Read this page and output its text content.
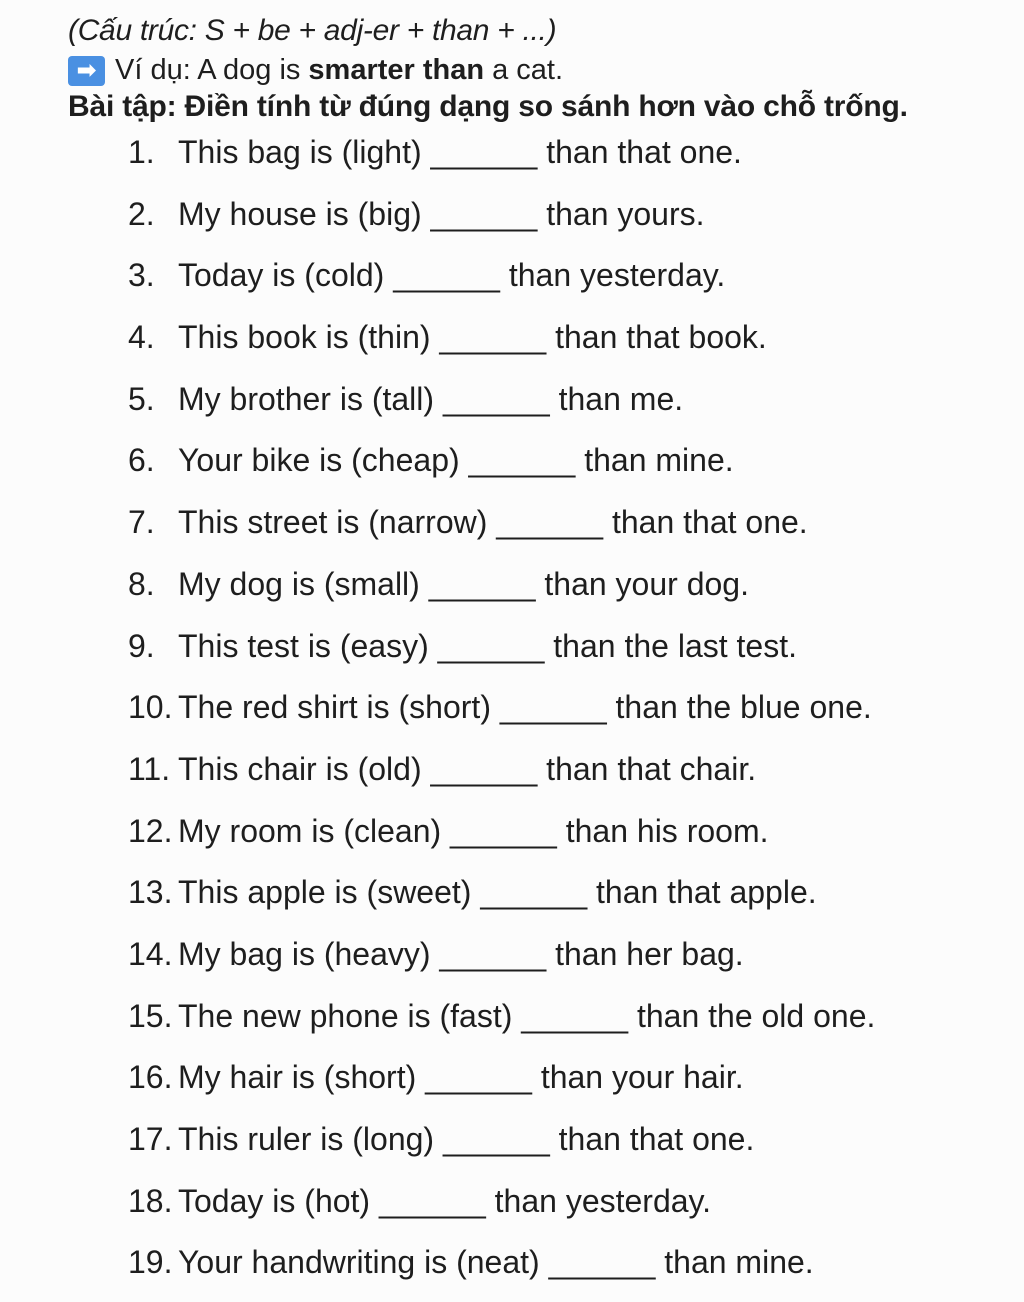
(Cấu trúc: S + be + adj-er + than + ...)
➡ Ví dụ: A dog is smarter than a cat.
Bài tập: Điền tính từ đúng dạng so sánh hơn vào chỗ trống.
1. This bag is (light) ______ than that one.
2. My house is (big) ______ than yours.
3. Today is (cold) ______ than yesterday.
4. This book is (thin) ______ than that book.
5. My brother is (tall) ______ than me.
6. Your bike is (cheap) ______ than mine.
7. This street is (narrow) ______ than that one.
8. My dog is (small) ______ than your dog.
9. This test is (easy) ______ than the last test.
10. The red shirt is (short) ______ than the blue one.
11. This chair is (old) ______ than that chair.
12. My room is (clean) ______ than his room.
13. This apple is (sweet) ______ than that apple.
14. My bag is (heavy) ______ than her bag.
15. The new phone is (fast) ______ than the old one.
16. My hair is (short) ______ than your hair.
17. This ruler is (long) ______ than that one.
18. Today is (hot) ______ than yesterday.
19. Your handwriting is (neat) ______ than mine.
